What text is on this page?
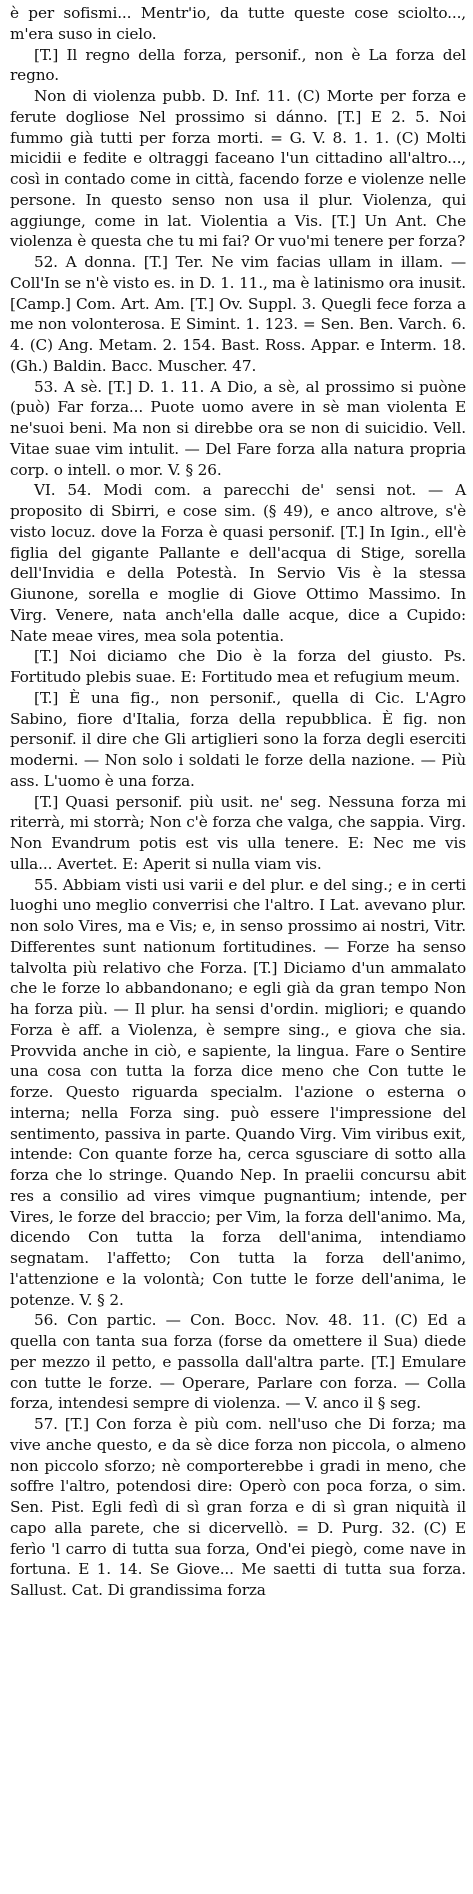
è per sofismi... Mentr'io, da tutte queste cose sciolto..., m'era suso in cielo.

[T.] Il regno della forza, personif., non è La forza del regno.

Non di violenza pubb. D. Inf. 11. (C) Morte per forza e ferute dogliose Nel prossimo si dánno. [T.] E 2. 5. Noi fummo già tutti per forza morti. = G. V. 8. 1. 1. (C) Molti micidii e fedite e oltraggi faceano l'un cittadino all'altro..., così in contado come in città, facendo forze e violenze nelle persone. In questo senso non usa il plur. Violenza, qui aggiunge, come in lat. Violentia a Vis. [T.] Un Ant. Che violenza è questa che tu mi fai? Or vuo'mi tenere per forza?

52. A donna. [T.] Ter. Ne vim facias ullam in illam. — Coll'In se n'è visto es. in D. 1. 11., ma è latinismo ora inusit. [Camp.] Com. Art. Am. [T.] Ov. Suppl. 3. Quegli fece forza a me non volonterosa. E Simint. 1. 123. = Sen. Ben. Varch. 6. 4. (C) Ang. Metam. 2. 154. Bast. Ross. Appar. e Interm. 18. (Gh.) Baldin. Bacc. Muscher. 47.

53. A sè. [T.] D. 1. 11. A Dio, a sè, al prossimo si puòne (può) Far forza... Puote uomo avere in sè man violenta E ne'suoi beni. Ma non si direbbe ora se non di suicidio. Vell. Vitae suae vim intulit. — Del Fare forza alla natura propria corp. o intell. o mor. V. § 26.

VI. 54. Modi com. a parecchi de' sensi not. — A proposito di Sbirri, e cose sim. (§ 49), e anco altrove, s'è visto locuz. dove la Forza è quasi personif. [T.] In Igin., ell'è figlia del gigante Pallante e dell'acqua di Stige, sorella dell'Invidia e della Potestà. In Servio Vis è la stessa Giunone, sorella e moglie di Giove Ottimo Massimo. In Virg. Venere, nata anch'ella dalle acque, dice a Cupido: Nate meae vires, mea sola potentia.

[T.] Noi diciamo che Dio è la forza del giusto. Ps. Fortitudo plebis suae. E: Fortitudo mea et refugium meum.

[T.] È una fig., non personif., quella di Cic. L'Agro Sabino, fiore d'Italia, forza della repubblica. È fig. non personif. il dire che Gli artiglieri sono la forza degli eserciti moderni. — Non solo i soldati le forze della nazione. — Più ass. L'uomo è una forza.

[T.] Quasi personif. più usit. ne' seg. Nessuna forza mi riterrà, mi storrà; Non c'è forza che valga, che sappia. Virg. Non Evandrum potis est vis ulla tenere. E: Nec me vis ulla... Avertet. E: Aperit si nulla viam vis.

55. Abbiam visti usi varii e del plur. e del sing.; e in certi luoghi uno meglio converrisi che l'altro. I Lat. avevano plur. non solo Vires, ma e Vis; e, in senso prossimo ai nostri, Vitr. Differentes sunt nationum fortitudines. — Forze ha senso talvolta più relativo che Forza. [T.] Diciamo d'un ammalato che le forze lo abbandonano; e egli già da gran tempo Non ha forza più. — Il plur. ha sensi d'ordin. migliori; e quando Forza è aff. a Violenza, è sempre sing., e giova che sia. Provvida anche in ciò, e sapiente, la lingua. Fare o Sentire una cosa con tutta la forza dice meno che Con tutte le forze. Questo riguarda specialm. l'azione o esterna o interna; nella Forza sing. può essere l'impressione del sentimento, passiva in parte. Quando Virg. Vim viribus exit, intende: Con quante forze ha, cerca sgusciare di sotto alla forza che lo stringe. Quando Nep. In praelii concursu abit res a consilio ad vires vimque pugnantium; intende, per Vires, le forze del braccio; per Vim, la forza dell'animo. Ma, dicendo Con tutta la forza dell'anima, intendiamo segnatam. l'affetto; Con tutta la forza dell'animo, l'attenzione e la volontà; Con tutte le forze dell'anima, le potenze. V. § 2.

56. Con partic. — Con. Bocc. Nov. 48. 11. (C) Ed a quella con tanta sua forza (forse da omettere il Sua) diede per mezzo il petto, e passolla dall'altra parte. [T.] Emulare con tutte le forze. — Operare, Parlare con forza. — Colla forza, intendesi sempre di violenza. — V. anco il § seg.

57. [T.] Con forza è più com. nell'uso che Di forza; ma vive anche questo, e da sè dice forza non piccola, o almeno non piccolo sforzo; nè comporterebbe i gradi in meno, che soffre l'altro, potendosi dire: Operò con poca forza, o sim. Sen. Pist. Egli fedì di sì gran forza e di sì gran niquità il capo alla parete, che si dicervellò. = D. Purg. 32. (C) E ferìo 'l carro di tutta sua forza, Ond'ei piegò, come nave in fortuna. E 1. 14. Se Giove... Me saetti di tutta sua forza. Sallust. Cat. Di grandissima forza
